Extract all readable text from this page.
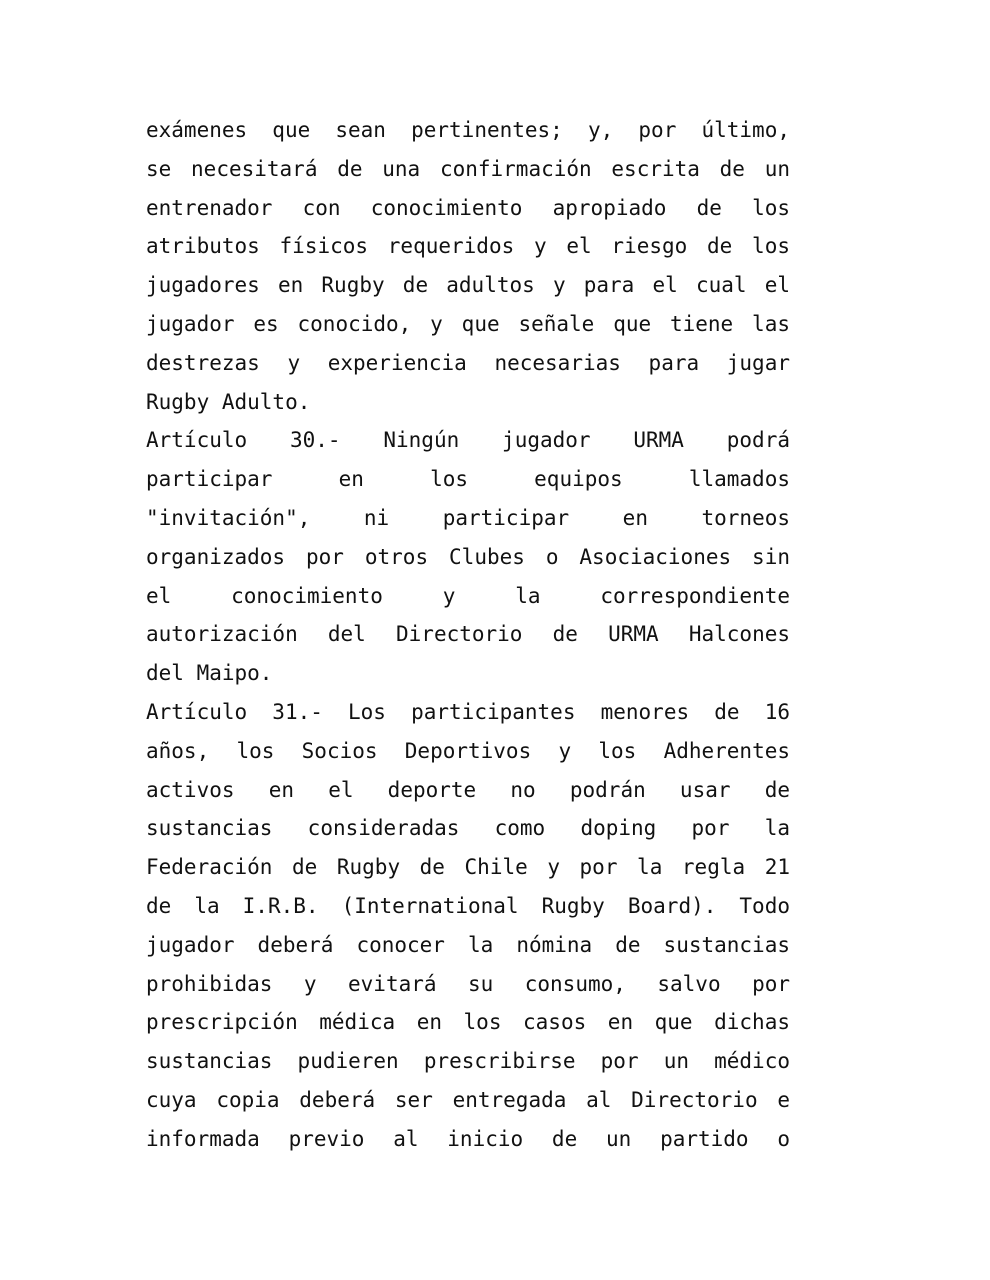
exámenes que sean pertinentes; y, por último,
se necesitará de una confirmación escrita de un
entrenador con conocimiento apropiado de los
atributos físicos requeridos y el riesgo de los
jugadores en Rugby de adultos y para el cual el
jugador es conocido, y que señale que tiene las
destrezas y experiencia necesarias para jugar
Rugby Adulto.
Artículo 30.- Ningún jugador URMA podrá
participar en los equipos llamados
"invitación", ni participar en torneos
organizados por otros Clubes o Asociaciones sin
el conocimiento y la correspondiente
autorización del Directorio de URMA Halcones
del Maipo.
Artículo 31.- Los participantes menores de 16
años, los Socios Deportivos y los Adherentes
activos en el deporte no podrán usar de
sustancias consideradas como doping por la
Federación de Rugby de Chile y por la regla 21
de la I.R.B. (International Rugby Board). Todo
jugador deberá conocer la nómina de sustancias
prohibidas y evitará su consumo, salvo por
prescripción médica en los casos en que dichas
sustancias pudieren prescribirse por un médico
cuya copia deberá ser entregada al Directorio e
informada previo al inicio de un partido o
